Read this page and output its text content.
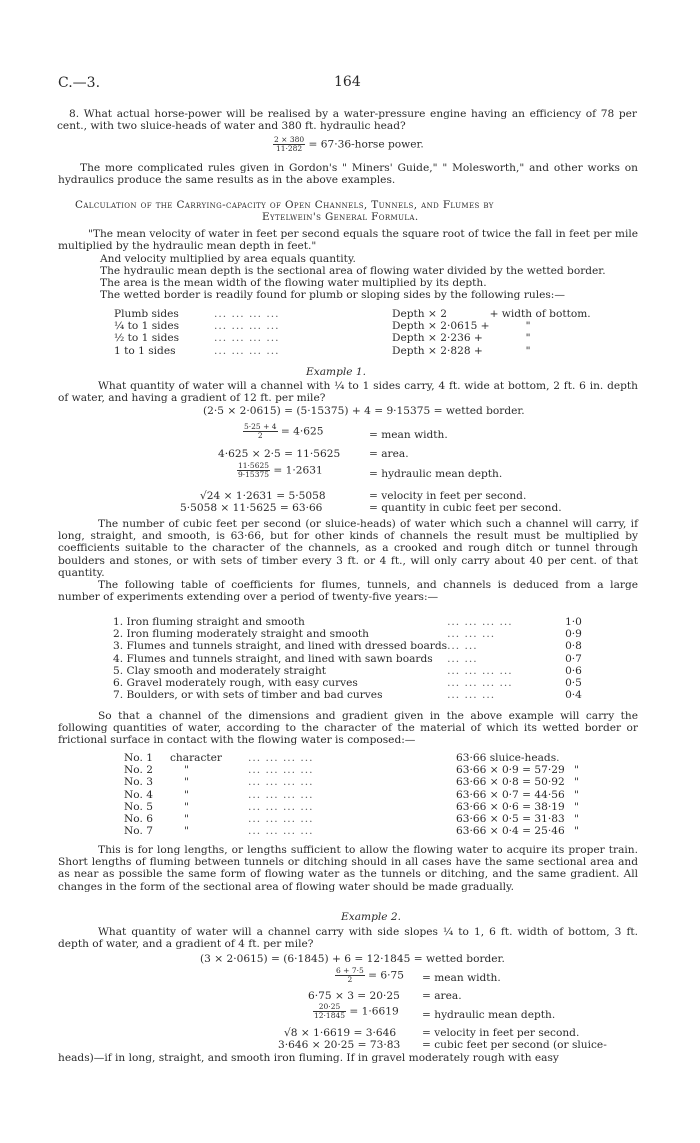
C.—3.	164

8. What actual horse-power will be realised by a water-pressure engine having an efficiency of 78 per cent., with two sluice-heads of water and 380 ft. hydraulic head?

$\frac{2 \times 380}{11\cdot 282}$ = 67·36-horse power.

The more complicated rules given in Gordon's " Miners' Guide," " Molesworth," and other works on hydraulics produce the same results as in the above examples.

Calculation of the Carrying-capacity of Open Channels, Tunnels, and Flumes by
Eytelwein's General Formula.

"The mean velocity of water in feet per second equals the square root of twice the fall in feet per mile multiplied by the hydraulic mean depth in feet."

And velocity multiplied by area equals quantity.
The hydraulic mean depth is the sectional area of flowing water divided by the wetted border.
The area is the mean width of the flowing water multiplied by its depth.
The wetted border is readily found for plumb or sloping sides by the following rules:—
Plumb sides	... ... ... ...	Depth × 2	+ width of bottom.
¼ to 1 sides	... ... ... ...	Depth × 2·0615 +	"
½ to 1 sides	... ... ... ...	Depth × 2·236 +	"
1 to 1 sides	... ... ... ...	Depth × 2·828 +	"
Example 1.

What quantity of water will a channel with ¼ to 1 sides carry, 4 ft. wide at bottom, 2 ft. 6 in. depth of water, and having a gradient of 12 ft. per mile?

(2·5 × 2·0615) = (5·15375) + 4 = 9·15375 = wetted border.
$\frac{5\cdot 25 + 4}{2} = 4\cdot 625$	= mean width.
4·625 × 2·5 = 11·5625	= area.
$\frac{11\cdot 5625}{9\cdot 15375} = 1\cdot 2631$	= hydraulic mean depth.
√24 × 1·2631 = 5·5058	= velocity in feet per second.
5·5058 × 11·5625 = 63·66	= quantity in cubic feet per second.

The number of cubic feet per second (or sluice-heads) of water which such a channel will carry, if long, straight, and smooth, is 63·66, but for other kinds of channels the result must be multiplied by coefficients suitable to the character of the channels, as a crooked and rough ditch or tunnel through boulders and stones, or with sets of timber every 3 ft. or 4 ft., will only carry about 40 per cent. of that quantity.

The following table of coefficients for flumes, tunnels, and channels is deduced from a large number of experiments extending over a period of twenty-five years:—

1. Iron fluming straight and smooth	... ... ... ...	1·0
2. Iron fluming moderately straight and smooth	... ... ...	0·9
3. Flumes and tunnels straight, and lined with dressed boards	... ...	0·8
4. Flumes and tunnels straight, and lined with sawn boards	... ...	0·7
5. Clay smooth and moderately straight	... ... ... ...	0·6
6. Gravel moderately rough, with easy curves	... ... ... ...	0·5
7. Boulders, or with sets of timber and bad curves	... ... ...	0·4

So that a channel of the dimensions and gradient given in the above example will carry the following quantities of water, according to the character of the material of which its wetted border or frictional surface in contact with the flowing water is composed:—

No. 1	character	... ... ... ...	63·66 sluice-heads.	
No. 2	"	... ... ... ...	63·66 × 0·9 = 57·29	"
No. 3	"	... ... ... ...	63·66 × 0·8 = 50·92	"
No. 4	"	... ... ... ...	63·66 × 0·7 = 44·56	"
No. 5	"	... ... ... ...	63·66 × 0·6 = 38·19	"
No. 6	"	... ... ... ...	63·66 × 0·5 = 31·83	"
No. 7	"	... ... ... ...	63·66 × 0·4 = 25·46	"

This is for long lengths, or lengths sufficient to allow the flowing water to acquire its proper train. Short lengths of fluming between tunnels or ditching should in all cases have the same sectional area and as near as possible the same form of flowing water as the tunnels or ditching, and the same gradient. All changes in the form of the sectional area of flowing water should be made gradually.

Example 2.

What quantity of water will a channel carry with side slopes ¼ to 1, 6 ft. width of bottom, 3 ft. depth of water, and a gradient of 4 ft. per mile?

(3 × 2·0615) = (6·1845) + 6 = 12·1845 = wetted border.
$\frac{6 + 7\cdot 5}{2} = 6\cdot 75$ = mean width.
6·75 × 3 = 20·25 = area.
$\frac{20\cdot 25}{12\cdot 1845} = 1\cdot 6619$ = hydraulic mean depth.
√8 × 1·6619 = 3·646 = velocity in feet per second.
3·646 × 20·25 = 73·83 = cubic feet per second (or sluice-
heads)—if in long, straight, and smooth iron fluming. If in gravel moderately rough with easy
